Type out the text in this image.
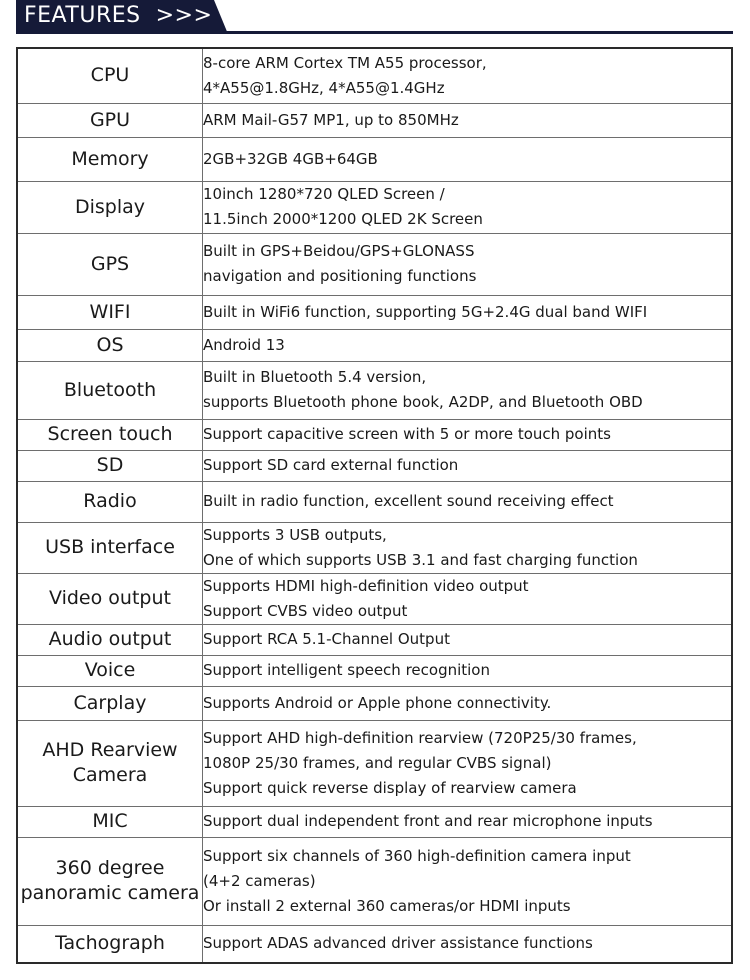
FEATURES  >>>
CPU	8-core ARM Cortex TM A55 processor,
4*A55@1.8GHz, 4*A55@1.4GHz

GPU	ARM Mail-G57 MP1, up to 850MHz

Memory	2GB+32GB 4GB+64GB

Display	10inch 1280*720 QLED Screen /
11.5inch 2000*1200 QLED 2K Screen

GPS	Built in GPS+Beidou/GPS+GLONASS
navigation and positioning functions

WIFI	Built in WiFi6 function, supporting 5G+2.4G dual band WIFI

OS	Android 13

Bluetooth	Built in Bluetooth 5.4 version,
supports Bluetooth phone book, A2DP, and Bluetooth OBD

Screen touch	Support capacitive screen with 5 or more touch points

SD	Support SD card external function

Radio	Built in radio function, excellent sound receiving effect

USB interface	Supports 3 USB outputs,
One of which supports USB 3.1 and fast charging function

Video output	Supports HDMI high-definition video output
Support CVBS video output

Audio output	Support RCA 5.1-Channel Output

Voice	Support intelligent speech recognition

Carplay	Supports Android or Apple phone connectivity.

AHD Rearview
Camera	Support AHD high-definition rearview (720P25/30 frames,
1080P 25/30 frames, and regular CVBS signal)
Support quick reverse display of rearview camera

MIC	Support dual independent front and rear microphone inputs

360 degree
panoramic camera	Support six channels of 360 high-definition camera input
(4+2 cameras)
Or install 2 external 360 cameras/or HDMI inputs

Tachograph	Support ADAS advanced driver assistance functions
